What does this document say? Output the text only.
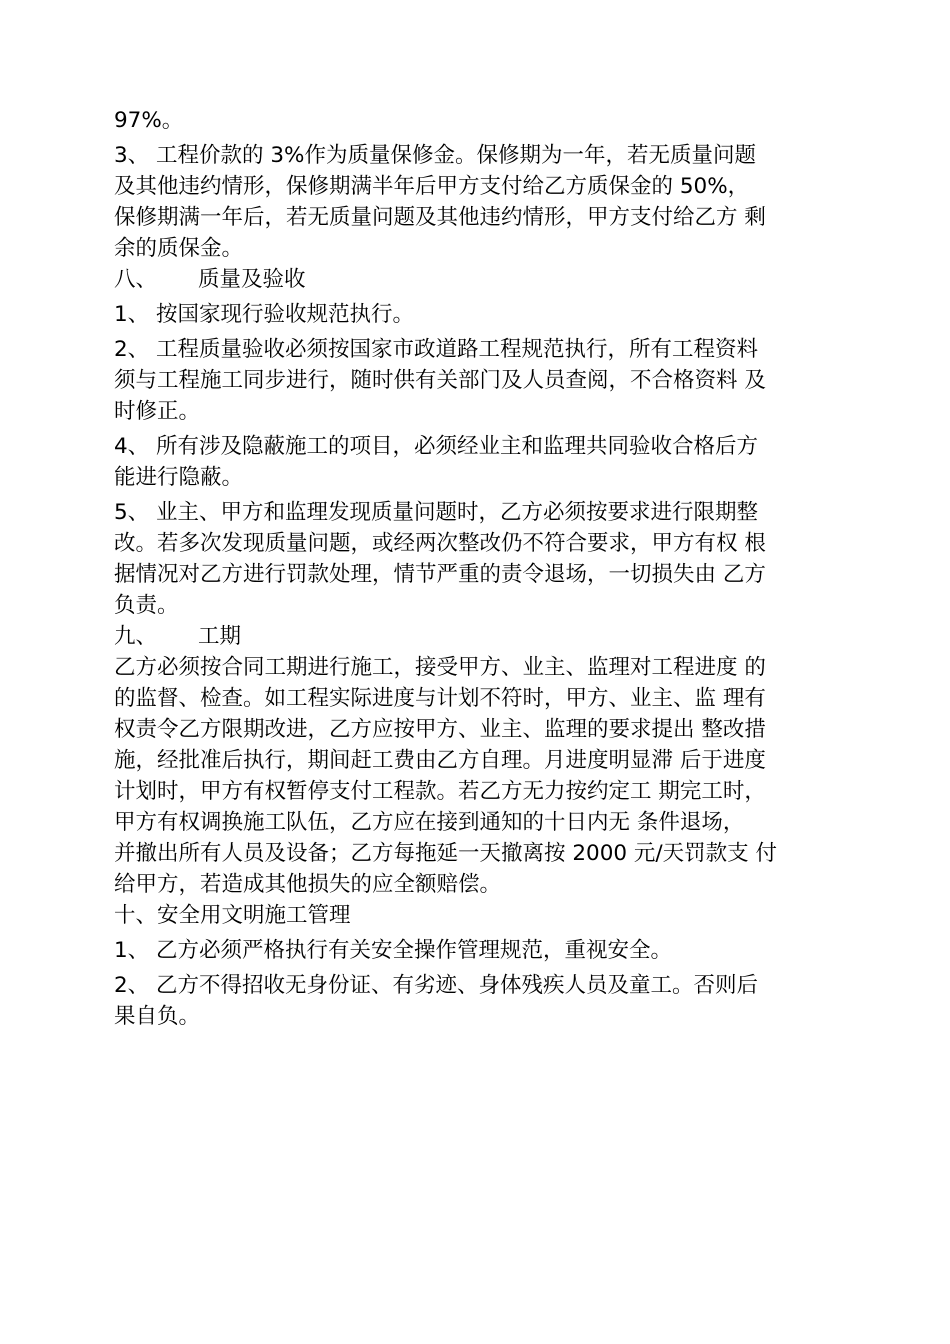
97%。
3、 工程价款的 3%作为质量保修金。保修期为一年，若无质量问题
及其他违约情形，保修期满半年后甲方支付给乙方质保金的 50%，
保修期满一年后，若无质量问题及其他违约情形，甲方支付给乙方 剩
余的质保金。
八、      质量及验收
1、 按国家现行验收规范执行。
2、 工程质量验收必须按国家市政道路工程规范执行，所有工程资料
须与工程施工同步进行，随时供有关部门及人员查阅，不合格资料 及
时修正。
4、 所有涉及隐蔽施工的项目，必须经业主和监理共同验收合格后方
能进行隐蔽。
5、 业主、甲方和监理发现质量问题时，乙方必须按要求进行限期整
改。若多次发现质量问题，或经两次整改仍不符合要求，甲方有权 根
据情况对乙方进行罚款处理，情节严重的责令退场，一切损失由 乙方
负责。
九、      工期
乙方必须按合同工期进行施工，接受甲方、业主、监理对工程进度 的
的监督、检查。如工程实际进度与计划不符时，甲方、业主、监 理有
权责令乙方限期改进，乙方应按甲方、业主、监理的要求提出 整改措
施，经批准后执行，期间赶工费由乙方自理。月进度明显滞 后于进度
计划时，甲方有权暂停支付工程款。若乙方无力按约定工 期完工时，
甲方有权调换施工队伍，乙方应在接到通知的十日内无 条件退场，
并撤出所有人员及设备；乙方每拖延一天撤离按 2000 元/天罚款支 付
给甲方，若造成其他损失的应全额赔偿。
十、安全用文明施工管理
1、 乙方必须严格执行有关安全操作管理规范，重视安全。
2、 乙方不得招收无身份证、有劣迹、身体残疾人员及童工。否则后
果自负。
